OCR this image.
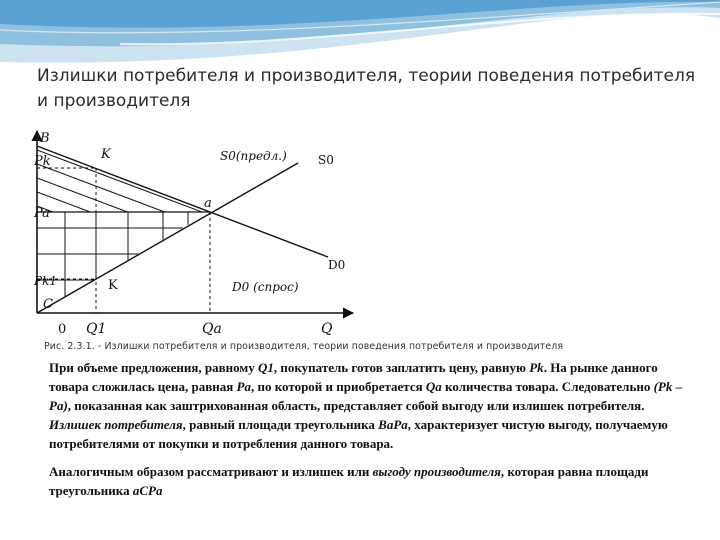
Излишки потребителя и производителя, теории поведения потребителя и производителя
B
Pk	K	S0(предл.)	S0
a
Pa
D0
D0 (спрос)
Pk1	K
C
0 Q1	Qa	Q
Рис. 2.3.1. - Излишки потребителя и производителя, теории поведения потребителя и производителя

При объеме предложения, равному Q1, покупатель готов заплатить цену, равную Pk. На рынке данного товара сложилась цена, равная Pa, по которой и приобретается Qa количества товара. Следовательно (Pk – Pa), показанная как заштрихованная область, представляет собой выгоду или излишек потребителя. Излишек потребителя, равный площади треугольника BaPa, характеризует чистую выгоду, получаемую потребителями от покупки и потребления данного товара.

Аналогичным образом рассматривают и излишек или выгоду производителя, которая равна площади треугольника aCPa
